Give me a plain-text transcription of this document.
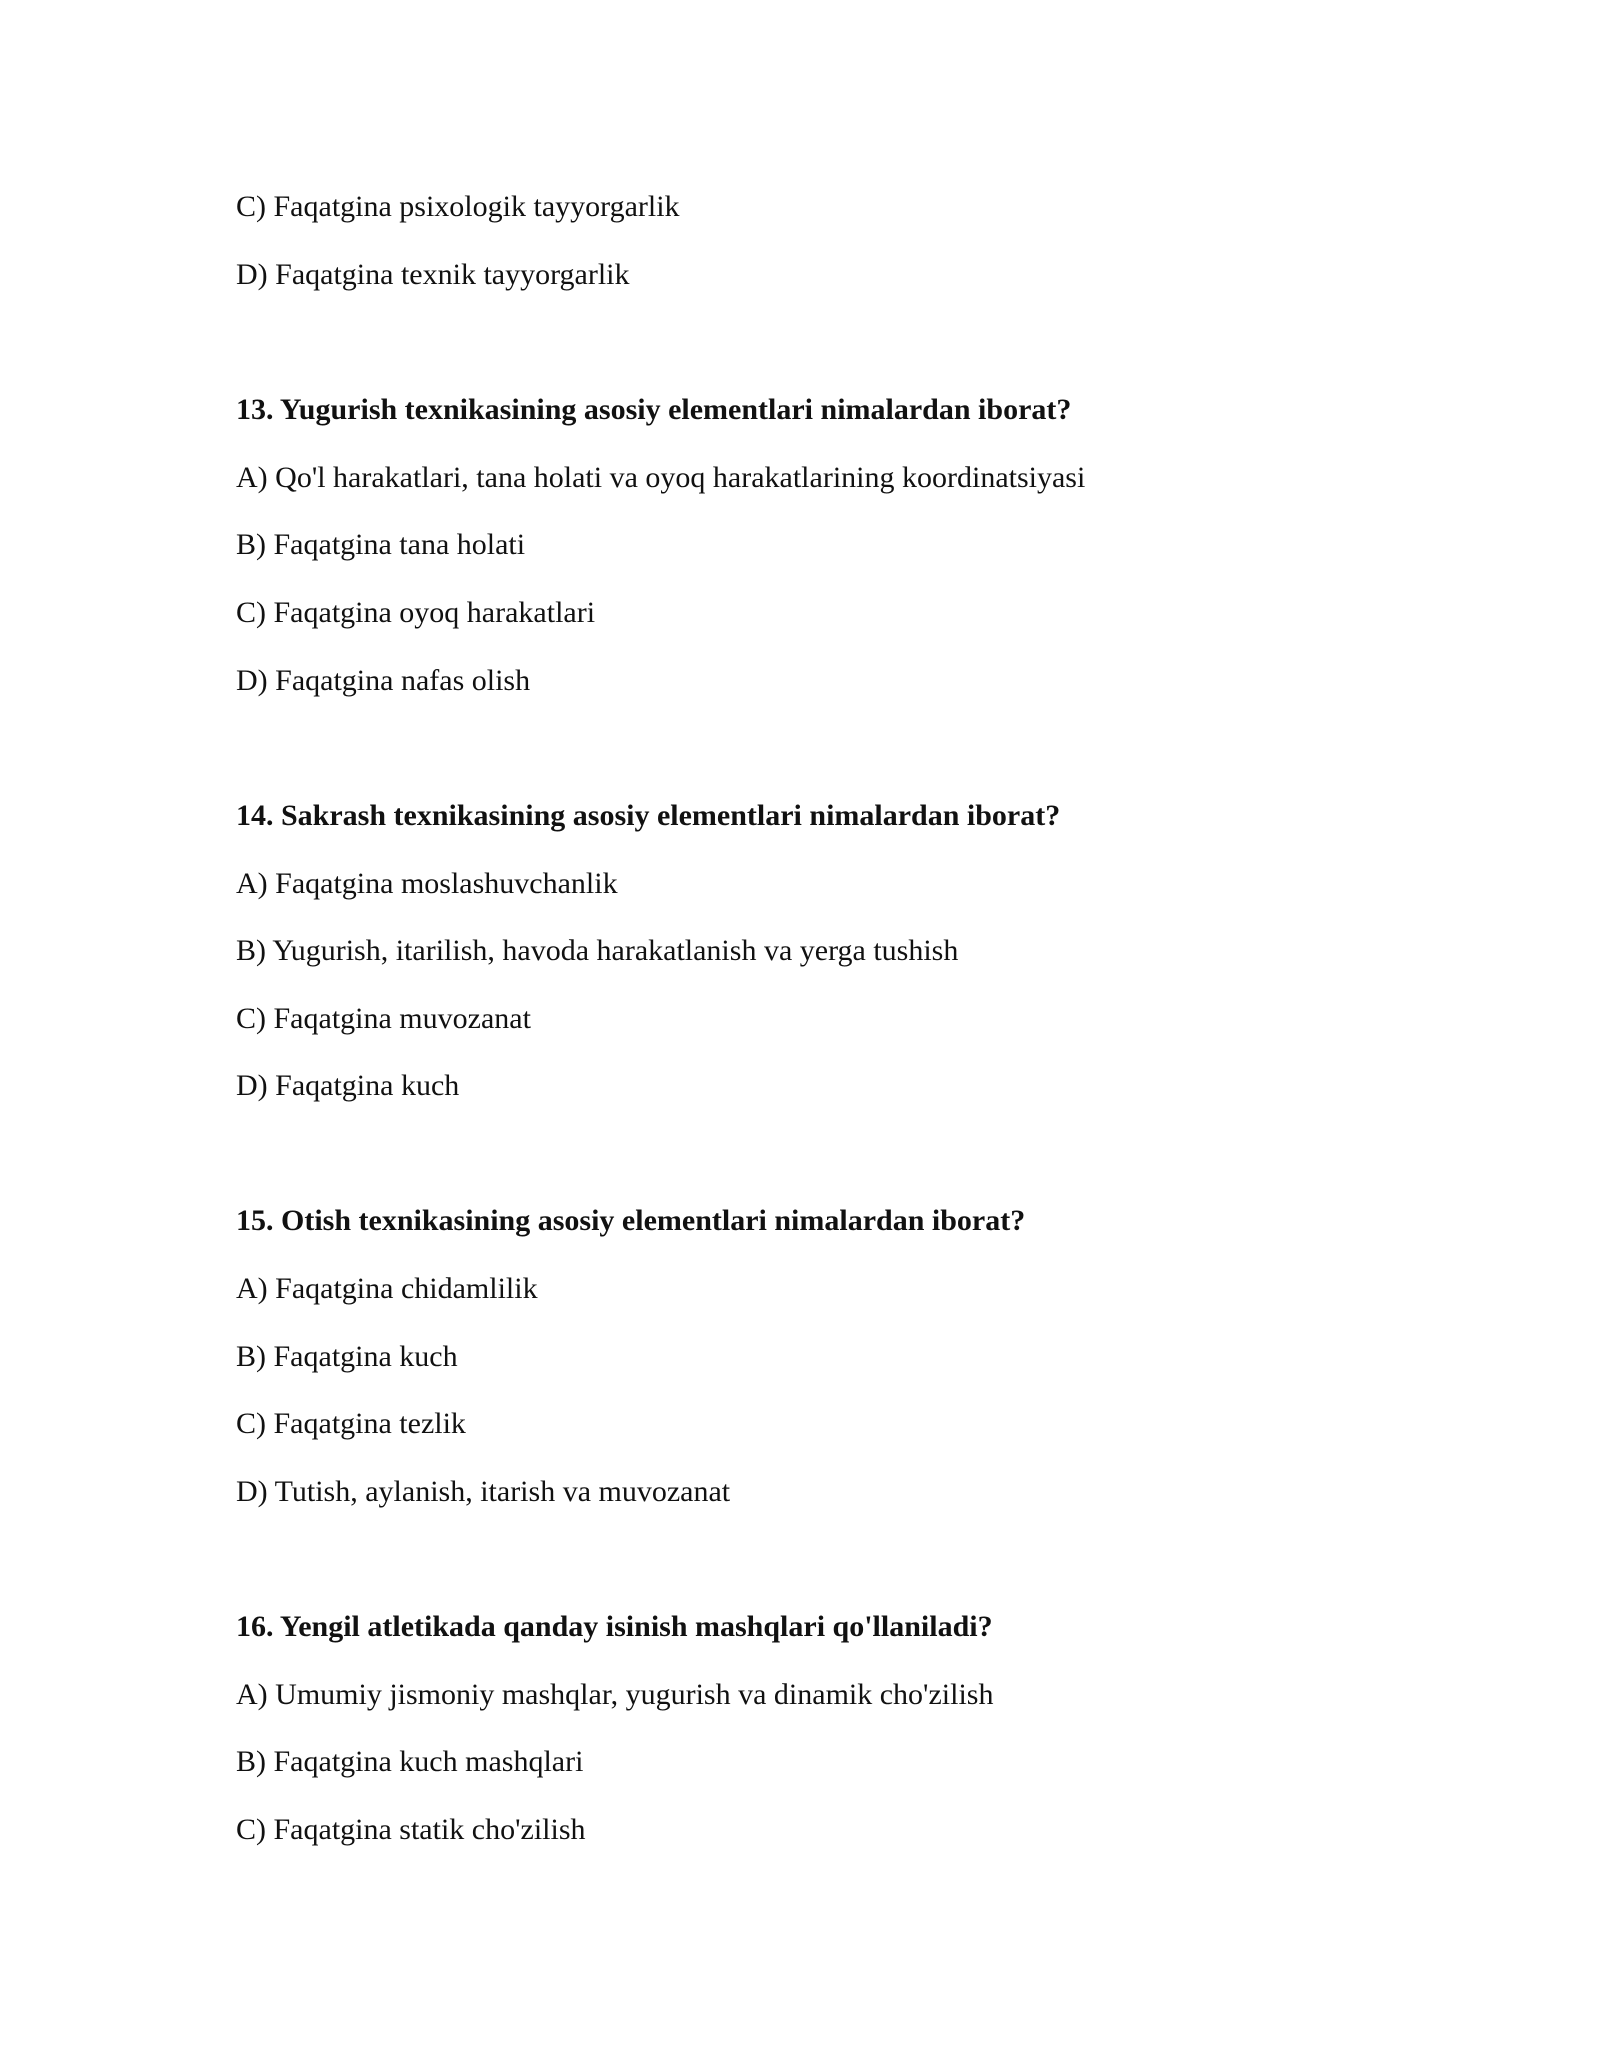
C) Faqatgina psixologik tayyorgarlik
D) Faqatgina texnik tayyorgarlik
13. Yugurish texnikasining asosiy elementlari nimalardan iborat?
A) Qo'l harakatlari, tana holati va oyoq harakatlarining koordinatsiyasi
B) Faqatgina tana holati
C) Faqatgina oyoq harakatlari
D) Faqatgina nafas olish
14. Sakrash texnikasining asosiy elementlari nimalardan iborat?
A) Faqatgina moslashuvchanlik
B) Yugurish, itarilish, havoda harakatlanish va yerga tushish
C) Faqatgina muvozanat
D) Faqatgina kuch
15. Otish texnikasining asosiy elementlari nimalardan iborat?
A) Faqatgina chidamlilik
B) Faqatgina kuch
C) Faqatgina tezlik
D) Tutish, aylanish, itarish va muvozanat
16. Yengil atletikada qanday isinish mashqlari qo'llaniladi?
A) Umumiy jismoniy mashqlar, yugurish va dinamik cho'zilish
B) Faqatgina kuch mashqlari
C) Faqatgina statik cho'zilish
